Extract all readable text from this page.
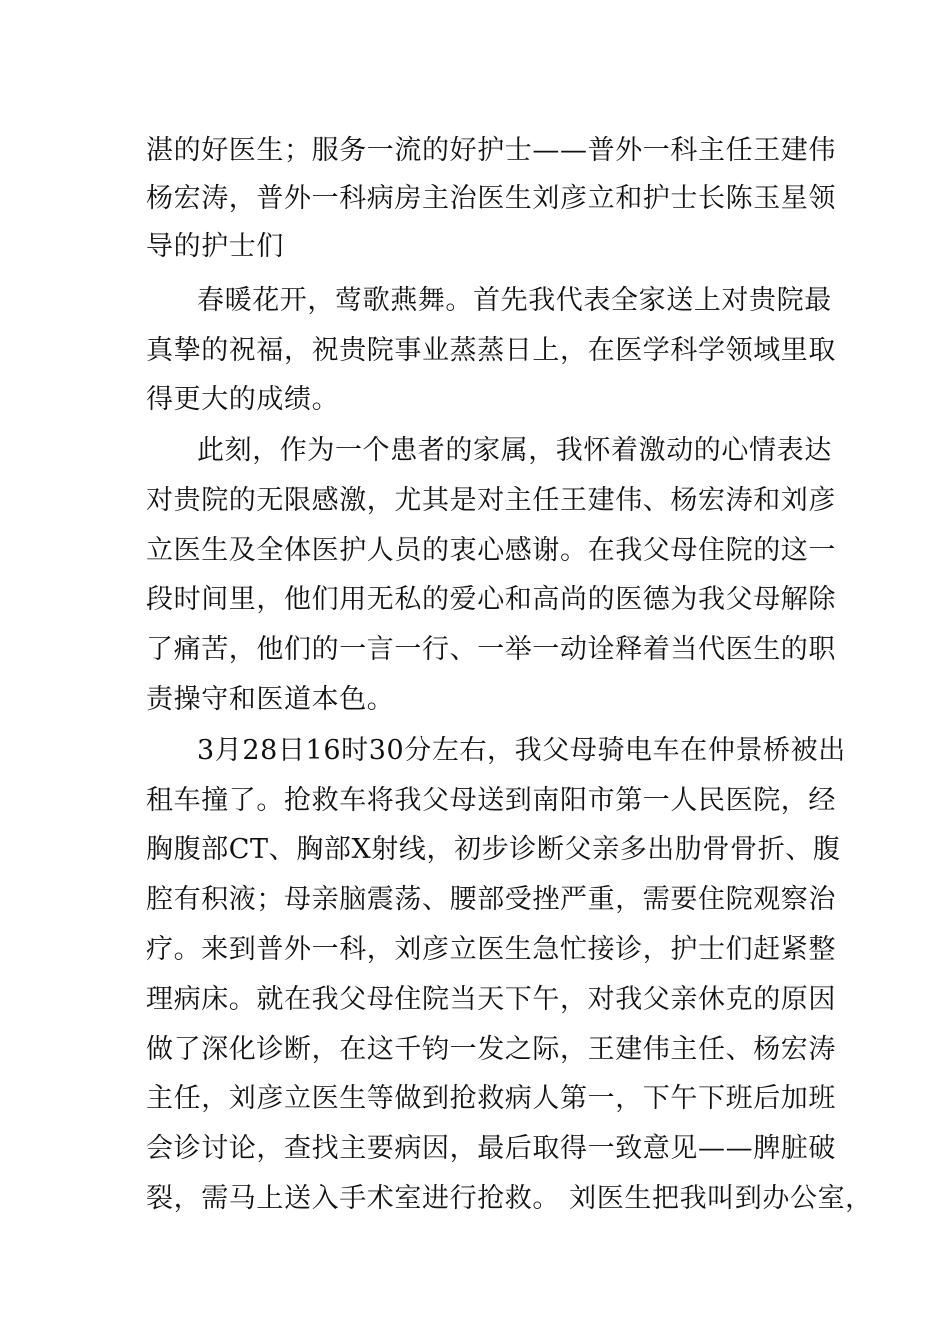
湛的好医生；服务一流的好护士——普外一科主任王建伟
杨宏涛，普外一科病房主治医生刘彦立和护士长陈玉星领
导的护士们
春暖花开，莺歌燕舞。首先我代表全家送上对贵院最
真挚的祝福，祝贵院事业蒸蒸日上，在医学科学领域里取
得更大的成绩。
此刻，作为一个患者的家属，我怀着激动的心情表达
对贵院的无限感激，尤其是对主任王建伟、杨宏涛和刘彦
立医生及全体医护人员的衷心感谢。在我父母住院的这一
段时间里，他们用无私的爱心和高尚的医德为我父母解除
了痛苦，他们的一言一行、一举一动诠释着当代医生的职
责操守和医道本色。
3月28日16时30分左右，我父母骑电车在仲景桥被出
租车撞了。抢救车将我父母送到南阳市第一人民医院，经
胸腹部CT、胸部X射线，初步诊断父亲多出肋骨骨折、腹
腔有积液；母亲脑震荡、腰部受挫严重，需要住院观察治
疗。来到普外一科，刘彦立医生急忙接诊，护士们赶紧整
理病床。就在我父母住院当天下午，对我父亲休克的原因
做了深化诊断，在这千钧一发之际，王建伟主任、杨宏涛
主任，刘彦立医生等做到抢救病人第一，下午下班后加班
会诊讨论，查找主要病因，最后取得一致意见——脾脏破
裂，需马上送入手术室进行抢救。 刘医生把我叫到办公室，
